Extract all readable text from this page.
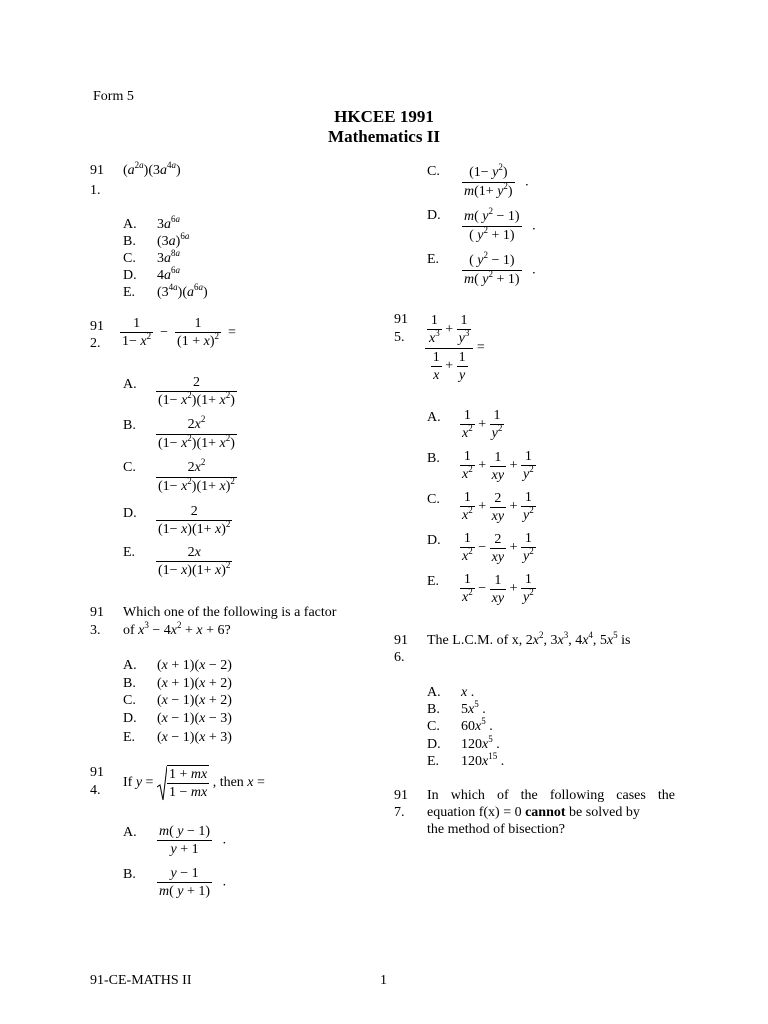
Form 5
HKCEE 1991
Mathematics II
91
1.
$(a^{2a})(3a^{4a})$
A.
B.
C.
D.
E.
$3a^{6a}$
$(3a)^{6a}$
$3a^{8a}$
$4a^{6a}$
$(3^{4a})(a^{6a})$
91
2. $\frac{1}{1- x^2} - \frac{1}{(1 + x)^2}$ =
A.
B.
C.
D.
E.
$\frac{2}{(1- x^2)(1+ x^2)}$
$\frac{2x^2}{(1- x^2)(1+ x^2)}$
$\frac{2x^2}{(1- x^2)(1+ x)^2}$
$\frac{2}{(1- x)(1+ x)^2}$
$\frac{2x}{(1- x)(1+ x)^2}$
91
3.
Which one of the following is a factor
of $x^3 - 4x^2 + x + 6$?
A.
B.
C.
D.
E.
(x + 1)(x − 2)
(x + 1)(x + 2)
(x − 1)(x + 2)
(x − 1)(x − 3)
(x − 1)(x + 3)
91
4.
If $y = \frac{1 + mx}{1 - mx}$ , then x =
A.
B.
$\frac{m( y - 1)}{y + 1}$ .
$\frac{y - 1}{m( y + 1)}$ .
C.
D.
E.
$\frac{(1- y^2)}{m(1+ y^2)}$ .
$\frac{m( y^2 - 1)}{( y^2 + 1)}$ .
$\frac{( y^2 - 1)}{m( y^2 + 1)}$ .
91
5. $\frac{\frac{1}{x^3} + \frac{1}{y^3}}{\frac{1}{x} + \frac{1}{y}}$ =
A.
B.
C.
D.
E.
$\frac{1}{x^2} + \frac{1}{y^2}$
$\frac{1}{x^2} + \frac{1}{xy} + \frac{1}{y^2}$
$\frac{1}{x^2} + \frac{2}{xy} + \frac{1}{y^2}$
$\frac{1}{x^2} - \frac{2}{xy} + \frac{1}{y^2}$
$\frac{1}{x^2} - \frac{1}{xy} + \frac{1}{y^2}$
91
6.
The L.C.M. of x, $2x^2$, $3x^3$, $4x^4$, $5x^5$ is
A.
B.
C.
D.
E.
x .
$5x^5$ .
$60x^5$ .
$120x^5$ .
$120x^{15}$ .
91
7.
In which of the following cases the
equation f(x) = 0 cannot be solved by
the method of bisection?
91-CE-MATHS II	1
